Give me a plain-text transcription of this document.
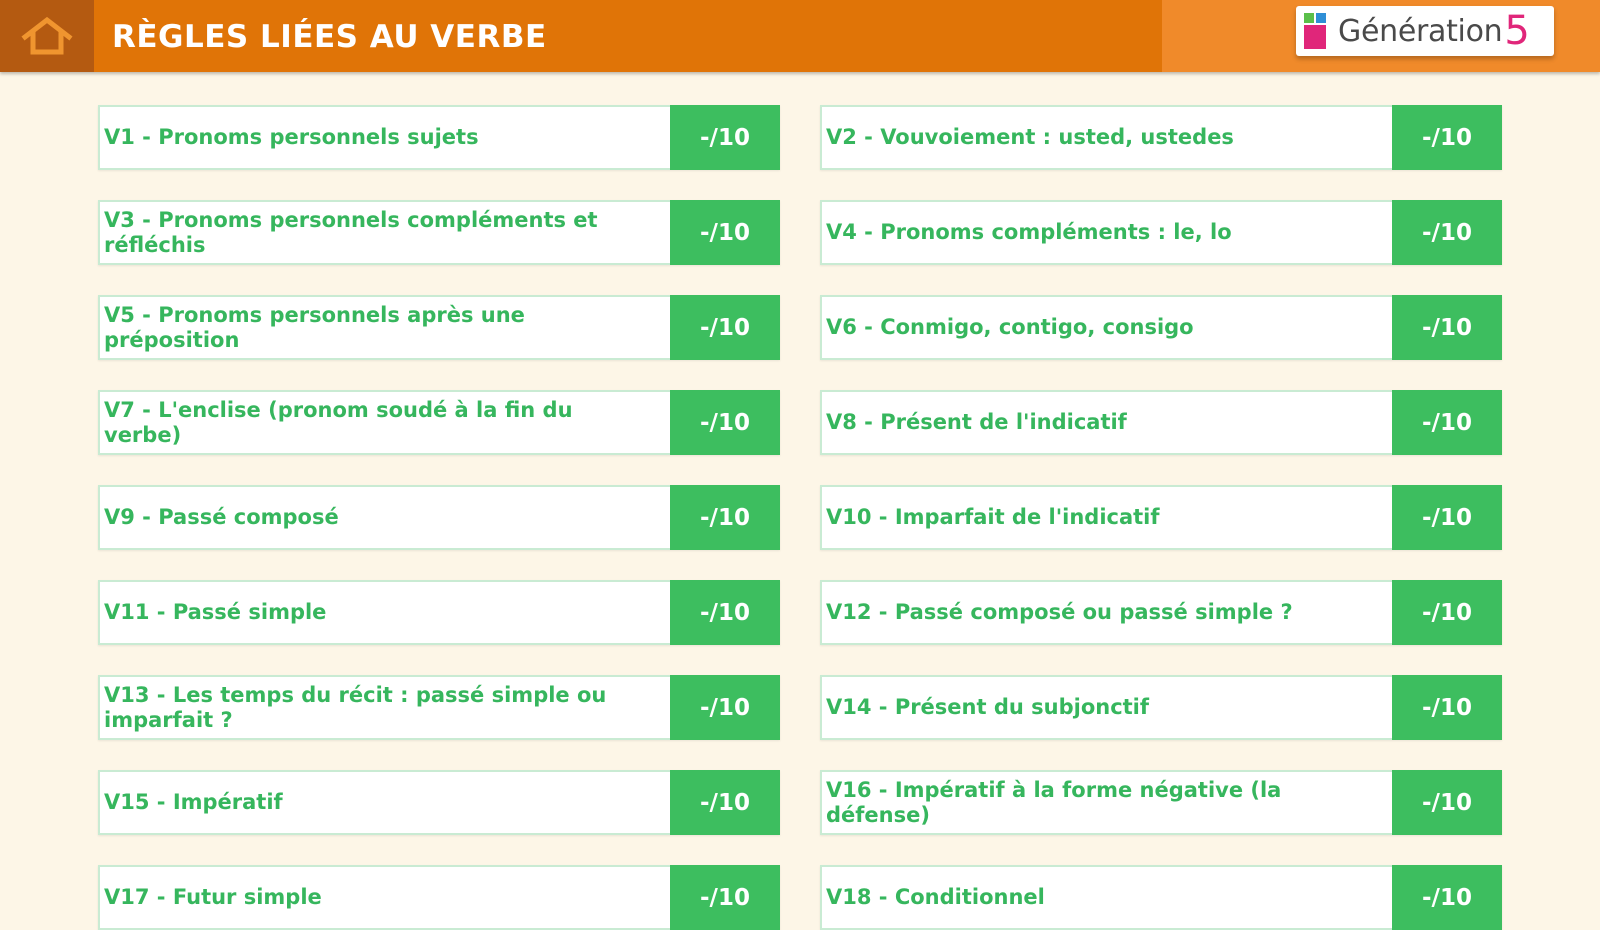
RÈGLES LIÉES AU VERBE	Génération 5
V1 - Pronoms personnels sujets	-/10	V2 - Vouvoiement : usted, ustedes	-/10
V3 - Pronoms personnels compléments et réfléchis	-/10	V4 - Pronoms compléments : le, lo	-/10
V5 - Pronoms personnels après une préposition	-/10	V6 - Conmigo, contigo, consigo	-/10
V7 - L'enclise (pronom soudé à la fin du verbe)	-/10	V8 - Présent de l'indicatif	-/10
V9 - Passé composé	-/10	V10 - Imparfait de l'indicatif	-/10
V11 - Passé simple	-/10	V12 - Passé composé ou passé simple ?	-/10
V13 - Les temps du récit : passé simple ou imparfait ?	-/10	V14 - Présent du subjonctif	-/10
V15 - Impératif	-/10	V16 - Impératif à la forme négative (la défense)	-/10
V17 - Futur simple	-/10	V18 - Conditionnel	-/10
